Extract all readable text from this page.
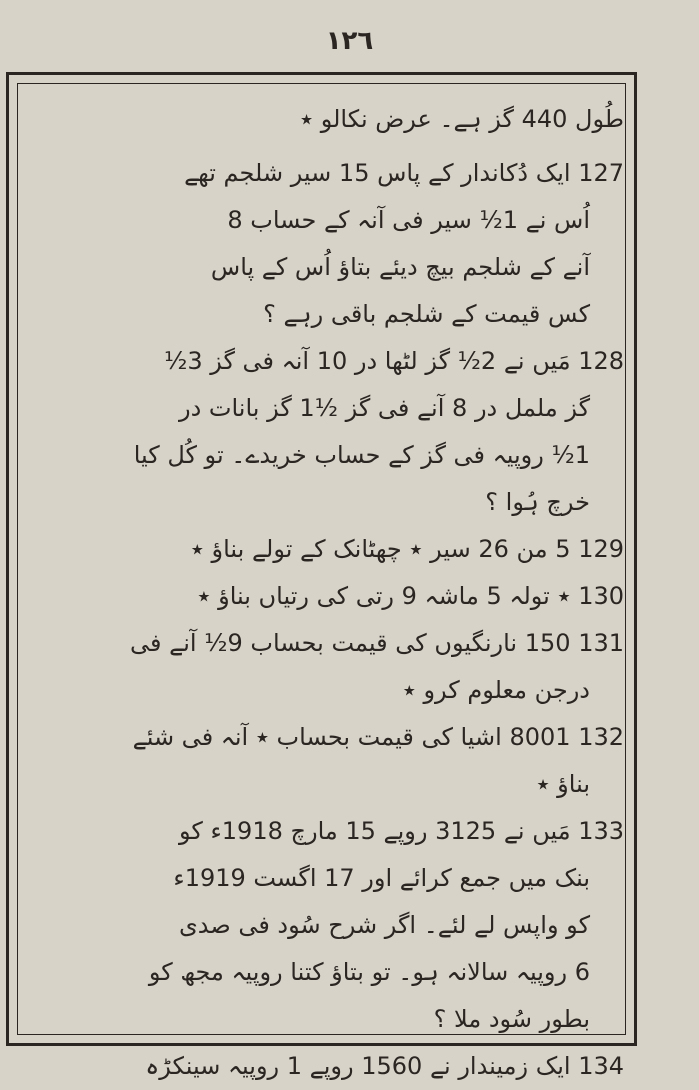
١٢٦
طُول 440 گز ہے۔ عرض نکالو ٭
127 ایک دُکاندار کے پاس 15 سیر شلجم تھے
اُس نے 1½ سیر فی آنہ کے حساب 8
آنے کے شلجم بیچ دیئے بتاؤ اُس کے پاس
کس قیمت کے شلجم باقی رہے ؟
128 مَیں نے 2½ گز لٹھا در 10 آنہ فی گز 3½
گز ململ در 8 آنے فی گز ½1 گز بانات در
1½ روپیہ فی گز کے حساب خریدے۔ تو کُل کیا
خرچ ہُوا ؟
129 5 من 26 سیر ٭ چھٹانک کے تولے بناؤ ٭
130 ٭ تولہ 5 ماشہ 9 رتی کی رتیاں بناؤ ٭
131 150 نارنگیوں کی قیمت بحساب 9½ آنے فی
درجن معلوم کرو ٭
132 8001 اشیا کی قیمت بحساب ٭ آنہ فی شئے
بناؤ ٭
133 مَیں نے 3125 روپے 15 مارچ 1918ء کو
بنک میں جمع کرائے اور 17 اگست 1919ء
کو واپس لے لئے۔ اگر شرح سُود فی صدی
6 روپیہ سالانہ ہو۔ تو بتاؤ کتنا روپیہ مجھ کو
بطور سُود ملا ؟
134 ایک زمیندار نے 1560 روپے 1 روپیہ سینکڑہ
